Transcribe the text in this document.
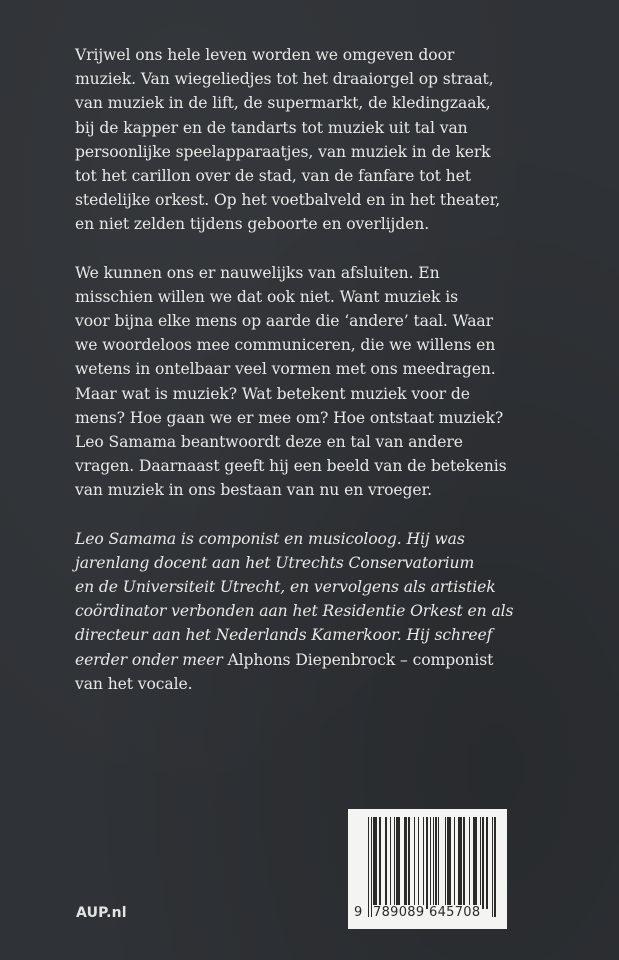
Vrijwel ons hele leven worden we omgeven door
muziek. Van wiegeliedjes tot het draaiorgel op straat,
van muziek in de lift, de supermarkt, de kledingzaak,
bij de kapper en de tandarts tot muziek uit tal van
persoonlijke speelapparaatjes, van muziek in de kerk
tot het carillon over de stad, van de fanfare tot het
stedelijke orkest. Op het voetbalveld en in het theater,
en niet zelden tijdens geboorte en overlijden.

We kunnen ons er nauwelijks van afsluiten. En
misschien willen we dat ook niet. Want muziek is
voor bijna elke mens op aarde die ‘andere’ taal. Waar
we woordeloos mee communiceren, die we willens en
wetens in ontelbaar veel vormen met ons meedragen.
Maar wat is muziek? Wat betekent muziek voor de
mens? Hoe gaan we er mee om? Hoe ontstaat muziek?
Leo Samama beantwoordt deze en tal van andere
vragen. Daarnaast geeft hij een beeld van de betekenis
van muziek in ons bestaan van nu en vroeger.

Leo Samama is componist en musicoloog. Hij was
jarenlang docent aan het Utrechts Conservatorium
en de Universiteit Utrecht, en vervolgens als artistiek
coördinator verbonden aan het Residentie Orkest en als
directeur aan het Nederlands Kamerkoor. Hij schreef
eerder onder meer Alphons Diepenbrock – componist
van het vocale.

AUP.nl	9 789089 645708
